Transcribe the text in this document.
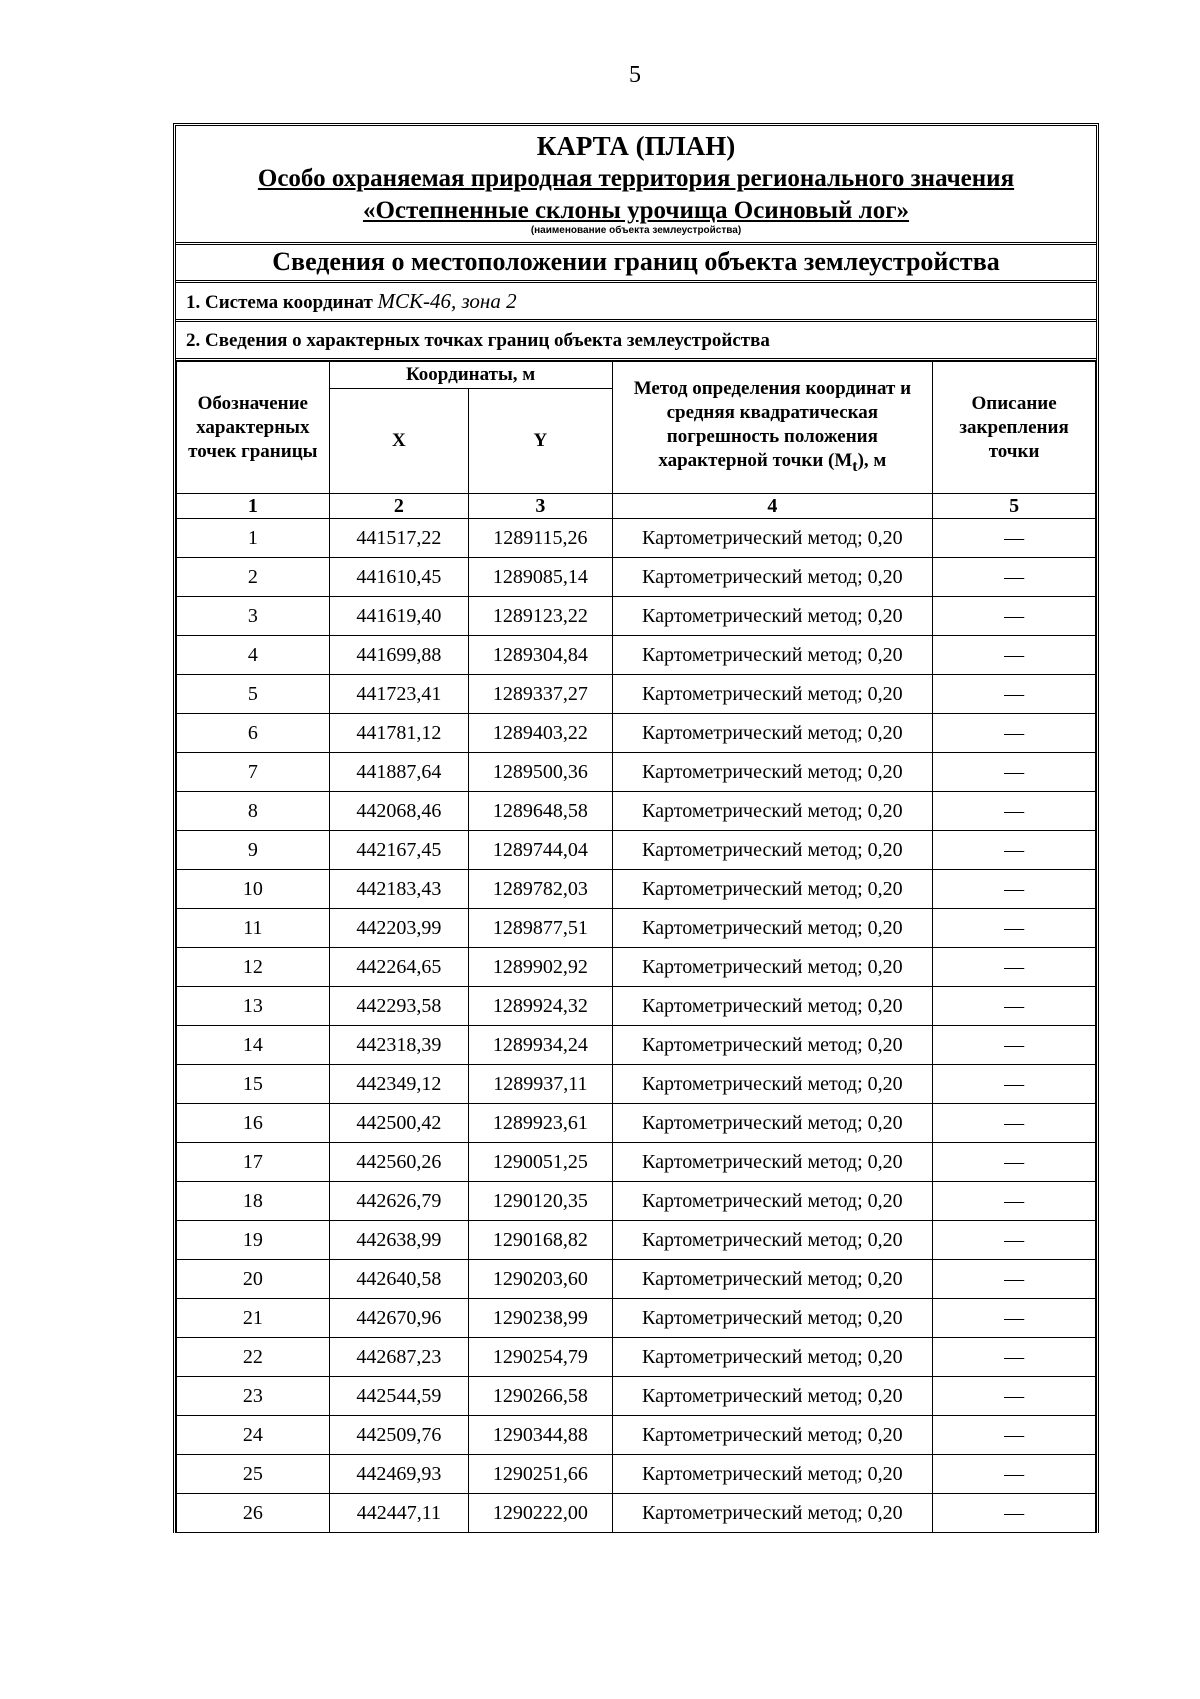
5
КАРТА (ПЛАН)
Особо охраняемая природная территория регионального значения
«Остепненные склоны урочища Осиновый лог»
(наименование объекта землеустройства)
Сведения о местоположении границ объекта землеустройства
1. Система координат МСК-46, зона 2
2. Сведения о характерных точках границ объекта землеустройства
Обозначение характерных точек границы	Координаты, м		Метод определения координат и средняя квадратическая погрешность положения характерной точки $(M_t)$, м	Описание закрепления точки
	X	Y		
1	2	3	4	5
1	441517,22	1289115,26	Картометрический метод; 0,20	—
2	441610,45	1289085,14	Картометрический метод; 0,20	—
3	441619,40	1289123,22	Картометрический метод; 0,20	—
4	441699,88	1289304,84	Картометрический метод; 0,20	—
5	441723,41	1289337,27	Картометрический метод; 0,20	—
6	441781,12	1289403,22	Картометрический метод; 0,20	—
7	441887,64	1289500,36	Картометрический метод; 0,20	—
8	442068,46	1289648,58	Картометрический метод; 0,20	—
9	442167,45	1289744,04	Картометрический метод; 0,20	—
10	442183,43	1289782,03	Картометрический метод; 0,20	—
11	442203,99	1289877,51	Картометрический метод; 0,20	—
12	442264,65	1289902,92	Картометрический метод; 0,20	—
13	442293,58	1289924,32	Картометрический метод; 0,20	—
14	442318,39	1289934,24	Картометрический метод; 0,20	—
15	442349,12	1289937,11	Картометрический метод; 0,20	—
16	442500,42	1289923,61	Картометрический метод; 0,20	—
17	442560,26	1290051,25	Картометрический метод; 0,20	—
18	442626,79	1290120,35	Картометрический метод; 0,20	—
19	442638,99	1290168,82	Картометрический метод; 0,20	—
20	442640,58	1290203,60	Картометрический метод; 0,20	—
21	442670,96	1290238,99	Картометрический метод; 0,20	—
22	442687,23	1290254,79	Картометрический метод; 0,20	—
23	442544,59	1290266,58	Картометрический метод; 0,20	—
24	442509,76	1290344,88	Картометрический метод; 0,20	—
25	442469,93	1290251,66	Картометрический метод; 0,20	—
26	442447,11	1290222,00	Картометрический метод; 0,20	—
